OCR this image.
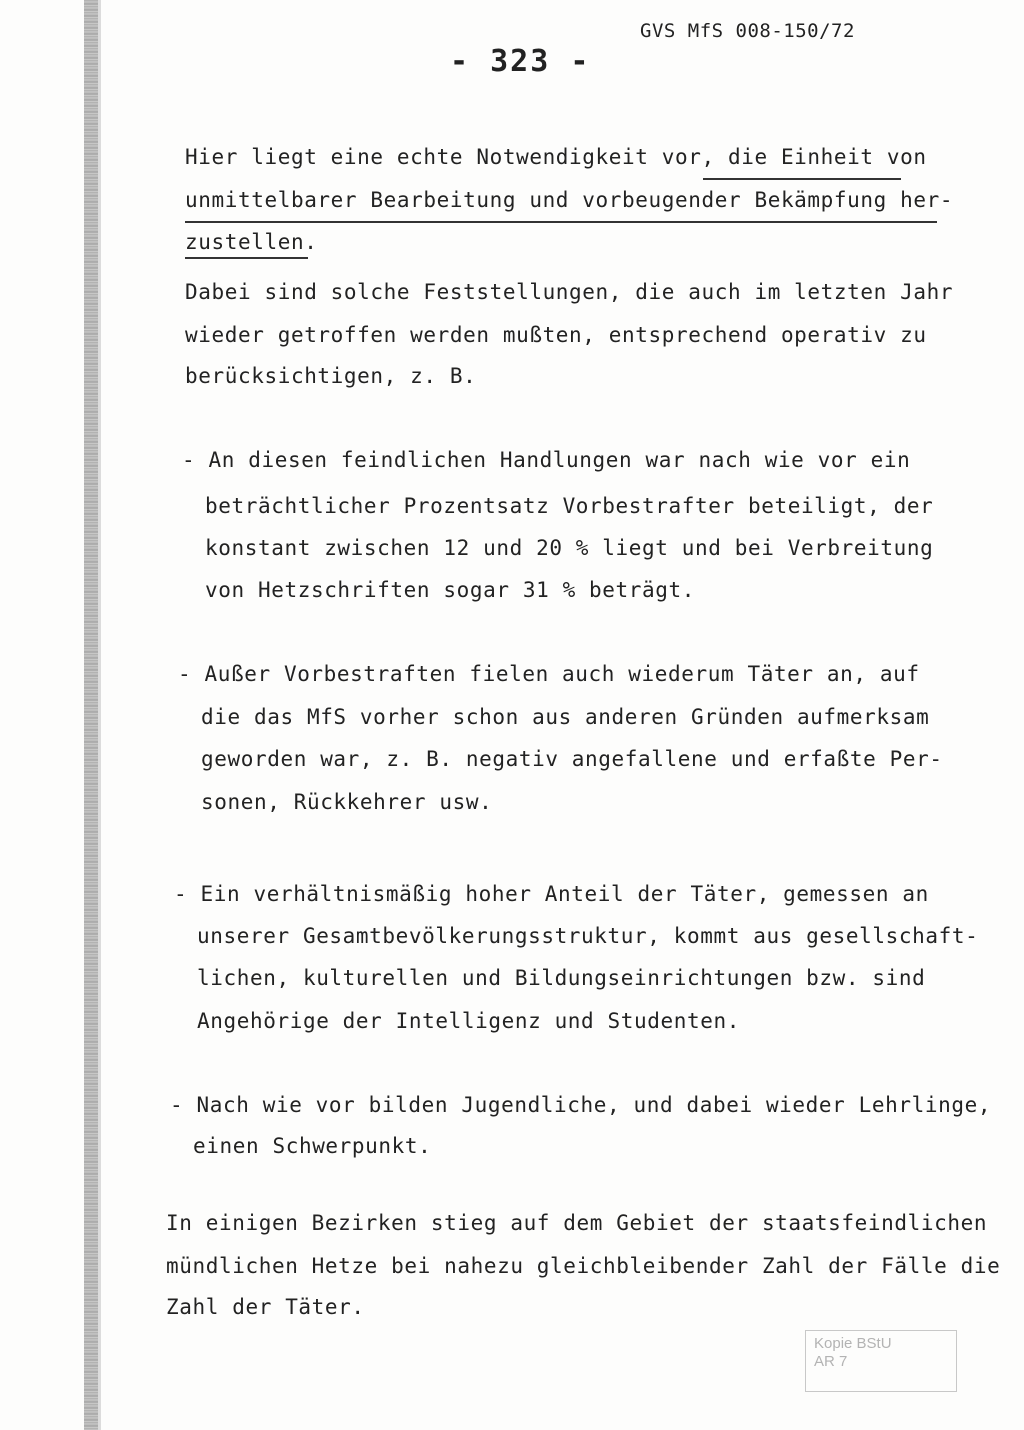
GVS MfS 008-150/72
- 323 -
Hier liegt eine echte Notwendigkeit vor, die Einheit von
unmittelbarer Bearbeitung und vorbeugender Bekämpfung her-
zustellen.
Dabei sind solche Feststellungen, die auch im letzten Jahr
wieder getroffen werden mußten, entsprechend operativ zu
berücksichtigen, z. B.
- An diesen feindlichen Handlungen war nach wie vor ein
beträchtlicher Prozentsatz Vorbestrafter beteiligt, der
konstant zwischen 12 und 20 % liegt und bei Verbreitung
von Hetzschriften sogar 31 % beträgt.
- Außer Vorbestraften fielen auch wiederum Täter an, auf
die das MfS vorher schon aus anderen Gründen aufmerksam
geworden war, z. B. negativ angefallene und erfaßte Per-
sonen, Rückkehrer usw.
- Ein verhältnismäßig hoher Anteil der Täter, gemessen an
unserer Gesamtbevölkerungsstruktur, kommt aus gesellschaft-
lichen, kulturellen und Bildungseinrichtungen bzw. sind
Angehörige der Intelligenz und Studenten.
- Nach wie vor bilden Jugendliche, und dabei wieder Lehrlinge,
einen Schwerpunkt.
In einigen Bezirken stieg auf dem Gebiet der staatsfeindlichen
mündlichen Hetze bei nahezu gleichbleibender Zahl der Fälle die
Zahl der Täter.
Kopie BStU
AR 7
